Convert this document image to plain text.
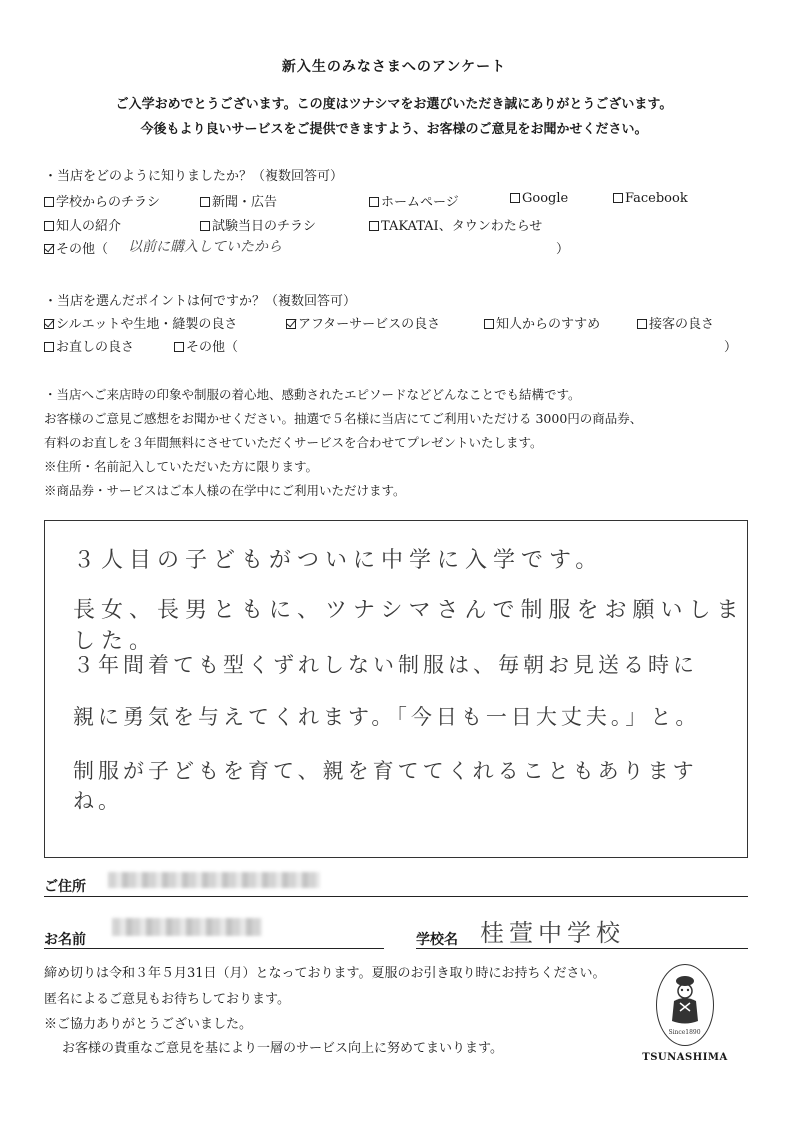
新入生のみなさまへのアンケート
ご入学おめでとうございます。この度はツナシマをお選びいただき誠にありがとうございます。
今後もより良いサービスをご提供できますよう、お客様のご意見をお聞かせください。
・当店をどのように知りましたか？（複数回答可）
学校からのチラシ	新聞・広告	ホームページ	Google	Facebook
知人の紹介	試験当日のチラシ	TAKATAI、タウンわたらせ
その他（ 以前に購入していたから	）
・当店を選んだポイントは何ですか？（複数回答可）
シルエットや生地・縫製の良さ	アフターサービスの良さ	知人からのすすめ	接客の良さ
お直しの良さ	その他（	）
・当店へご来店時の印象や制服の着心地、感動されたエピソードなどどんなことでも結構です。
お客様のご意見ご感想をお聞かせください。抽選で５名様に当店にてご利用いただける 3000円の商品券、
有料のお直しを３年間無料にさせていただくサービスを合わせてプレゼントいたします。
※住所・名前記入していただいた方に限ります。
※商品券・サービスはご本人様の在学中にご利用いただけます。
３人目の子どもがついに中学に入学です。
長女、長男ともに、ツナシマさんで制服をお願いしました。
３年間着ても型くずれしない制服は、毎朝お見送る時に
親に勇気を与えてくれます。「今日も一日大丈夫。」と。
制服が子どもを育て、親を育ててくれることもありますね。
ご住所
お名前	学校名 桂萱中学校
締め切りは令和３年５月31日（月）となっております。夏服のお引き取り時にお持ちください。
匿名によるご意見もお待ちしております。
※ご協力ありがとうございました。
お客様の貴重なご意見を基により一層のサービス向上に努めてまいります。
Since1890
TSUNASHIMA
